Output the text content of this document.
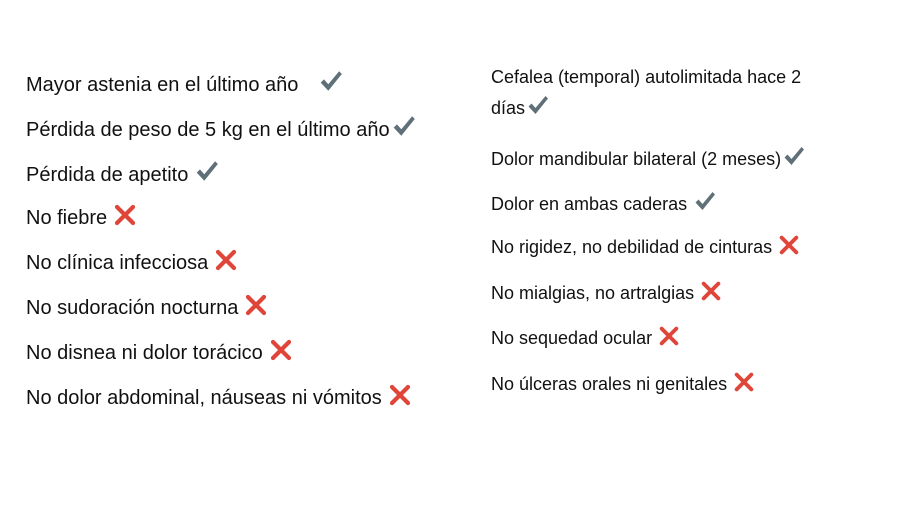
Mayor astenia en el último año
Pérdida de peso de 5 kg en el último año
Pérdida de apetito
No fiebre
No clínica infecciosa
No sudoración nocturna
No disnea ni dolor torácico
No dolor abdominal, náuseas ni vómitos
Cefalea (temporal) autolimitada hace 2 días
Dolor mandibular bilateral (2 meses)
Dolor en ambas caderas
No rigidez, no debilidad de cinturas
No mialgias, no artralgias
No sequedad ocular
No úlceras orales ni genitales
